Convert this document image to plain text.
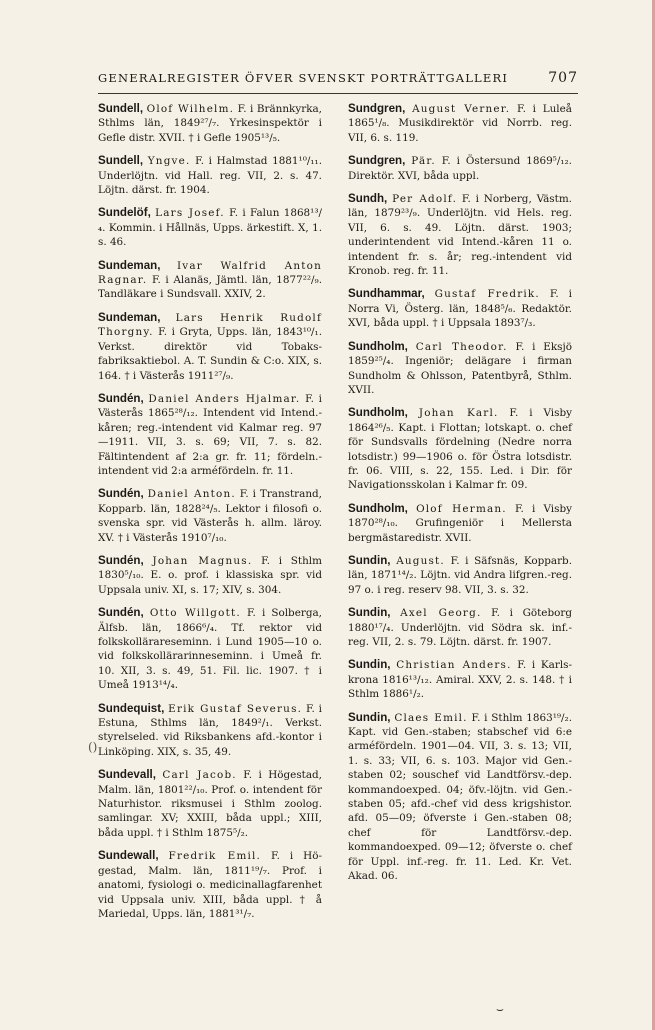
GENERALREGISTER ÖFVER SVENSKT PORTRÄTTGALLERI	707

Sundell, Olof Wilhelm. F. i Brännkyrka, Sthlms län, 1849²⁷/₇. Yrkesinspektör i Gefle distr. XVII. † i Gefle 1905¹³/₅.

Sundell, Yngve. F. i Halmstad 1881¹⁰/₁₁. Underlöjtn. vid Hall. reg. VII, 2. s. 47. Löjtn. därst. fr. 1904.

Sundelöf, Lars Josef. F. i Falun 1868¹³/₄. Kommin. i Hållnäs, Upps. ärkestift. X, 1. s. 46.

Sundeman, Ivar Walfrid Anton Ragnar. F. i Alanäs, Jämtl. län, 1877²²/₉. Tandläkare i Sundsvall. XXIV, 2.

Sundeman, Lars Henrik Rudolf Thorgny. F. i Gryta, Upps. län, 1843¹⁰/₁. Verkst. direktör vid Tobaksfabriksaktiebol. A. T. Sundin & C:o. XIX, s. 164. † i Västerås 1911²⁷/₉.

Sundén, Daniel Anders Hjalmar. F. i Västerås 1865²⁸/₁₂. Intendent vid Intend.-kåren; reg.-intendent vid Kalmar reg. 97—1911. VII, 3. s. 69; VII, 7. s. 82. Fältintendent af 2:a gr. fr. 11; fördeln.-intendent vid 2:a arméfördeln. fr. 11.

Sundén, Daniel Anton. F. i Transtrand, Kopparb. län, 1828²⁴/₅. Lektor i filosofi o. svenska spr. vid Västerås h. allm. läroy. XV. † i Västerås 1910⁷/₁₀.

Sundén, Johan Magnus. F. i Sthlm 1830⁵/₁₀. E. o. prof. i klassiska spr. vid Uppsala univ. XI, s. 17; XIV, s. 304.

Sundén, Otto Willgott. F. i Solberga, Älfsb. län, 1866⁶/₄. Tf. rektor vid folkskollärareseminn. i Lund 1905—10 o. vid folkskollärarinneseminn. i Umeå fr. 10. XII, 3. s. 49, 51. Fil. lic. 1907. † i Umeå 1913¹⁴/₄.

Sundequist, Erik Gustaf Severus. F. i Estuna, Sthlms län, 1849²/₁. Verkst. styrelseled. vid Riksbankens afd.-kontor i Linköping. XIX, s. 35, 49.

Sundevall, Carl Jacob. F. i Högestad, Malm. län, 1801²²/₁₀. Prof. o. intendent för Naturhistor. riksmusei i Sthlm zoolog. samlingar. XV; XXIII, båda uppl.; XIII, båda uppl. † i Sthlm 1875⁵/₂.

Sundewall, Fredrik Emil. F. i Högestad, Malm. län, 1811¹⁹/₇. Prof. i anatomi, fysiologi o. medicinallagfarenhet vid Uppsala univ. XIII, båda uppl. † å Mariedal, Upps. län, 1881³¹/₇.

Sundgren, August Verner. F. i Luleå 1865¹/₈. Musikdirektör vid Norrb. reg. VII, 6. s. 119.

Sundgren, Pär. F. i Östersund 1869⁵/₁₂. Direktör. XVI, båda uppl.

Sundh, Per Adolf. F. i Norberg, Västm. län, 1879²³/₉. Underlöjtn. vid Hels. reg. VII, 6. s. 49. Löjtn. därst. 1903; underintendent vid Intend.-kåren 11 o. intendent fr. s. år; reg.-intendent vid Kronob. reg. fr. 11.

Sundhammar, Gustaf Fredrik. F. i Norra Vi, Österg. län, 1848⁵/₆. Redaktör. XVI, båda uppl. † i Uppsala 1893⁷/₃.

Sundholm, Carl Theodor. F. i Eksjö 1859²⁵/₄. Ingeniör; delägare i firman Sundholm & Ohlsson, Patentbyrå, Sthlm. XVII.

Sundholm, Johan Karl. F. i Visby 1864²⁶/₅. Kapt. i Flottan; lotskapt. o. chef för Sundsvalls fördelning (Nedre norra lotsdistr.) 99—1906 o. för Östra lotsdistr. fr. 06. VIII, s. 22, 155. Led. i Dir. för Navigationsskolan i Kalmar fr. 09.

Sundholm, Olof Herman. F. i Visby 1870²⁸/₁₀. Grufingeniör i Mellersta bergmästaredistr. XVII.

Sundin, August. F. i Säfsnäs, Kopparb. län, 1871¹⁴/₂. Löjtn. vid Andra lifgren.-reg. 97 o. i reg. reserv 98. VII, 3. s. 32.

Sundin, Axel Georg. F. i Göteborg 1880¹⁷/₄. Underlöjtn. vid Södra sk. inf.-reg. VII, 2. s. 79. Löjtn. därst. fr. 1907.

Sundin, Christian Anders. F. i Karlskrona 1816¹³/₁₂. Amiral. XXV, 2. s. 148. † i Sthlm 1886¹/₂.

Sundin, Claes Emil. F. i Sthlm 1863¹⁹/₂. Kapt. vid Gen.-staben; stabschef vid 6:e arméfördeln. 1901—04. VII, 3. s. 13; VII, 1. s. 33; VII, 6. s. 103. Major vid Gen.-staben 02; souschef vid Landtförsv.-dep. kommandoexped. 04; öfv.-löjtn. vid Gen.-staben 05; afd.-chef vid dess krigshistor. afd. 05—09; öfverste i Gen.-staben 08; chef för Landtförsv.-dep. kommandoexped. 09—12; öfverste o. chef för Uppl. inf.-reg. fr. 11. Led. Kr. Vet. Akad. 06.

()
⌣
